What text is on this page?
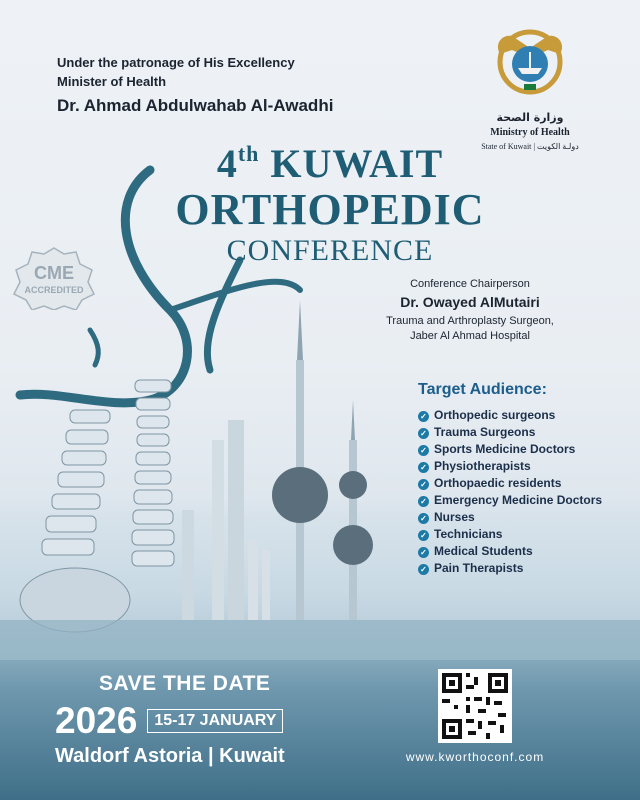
Under the patronage of His Excellency
Minister of Health
Dr. Ahmad Abdulwahab Al-Awadhi
وزارة الصحة
Ministry of Health
State of Kuwait | دولـة الكويت
4th KUWAIT
ORTHOPEDIC
CONFERENCE
CME
ACCREDITED	Conference Chairperson
Dr. Owayed AlMutairi
Trauma and Arthroplasty Surgeon,
Jaber Al Ahmad Hospital
Target Audience:
✓ Orthopedic surgeons
✓ Trauma Surgeons
✓ Sports Medicine Doctors
✓ Physiotherapists
✓ Orthopaedic residents
✓ Emergency Medicine Doctors
✓ Nurses
✓ Technicians
✓ Medical Students
✓ Pain Therapists
SAVE THE DATE
2026	15-17 JANUARY
Waldorf Astoria | Kuwait	www.kworthoconf.com
